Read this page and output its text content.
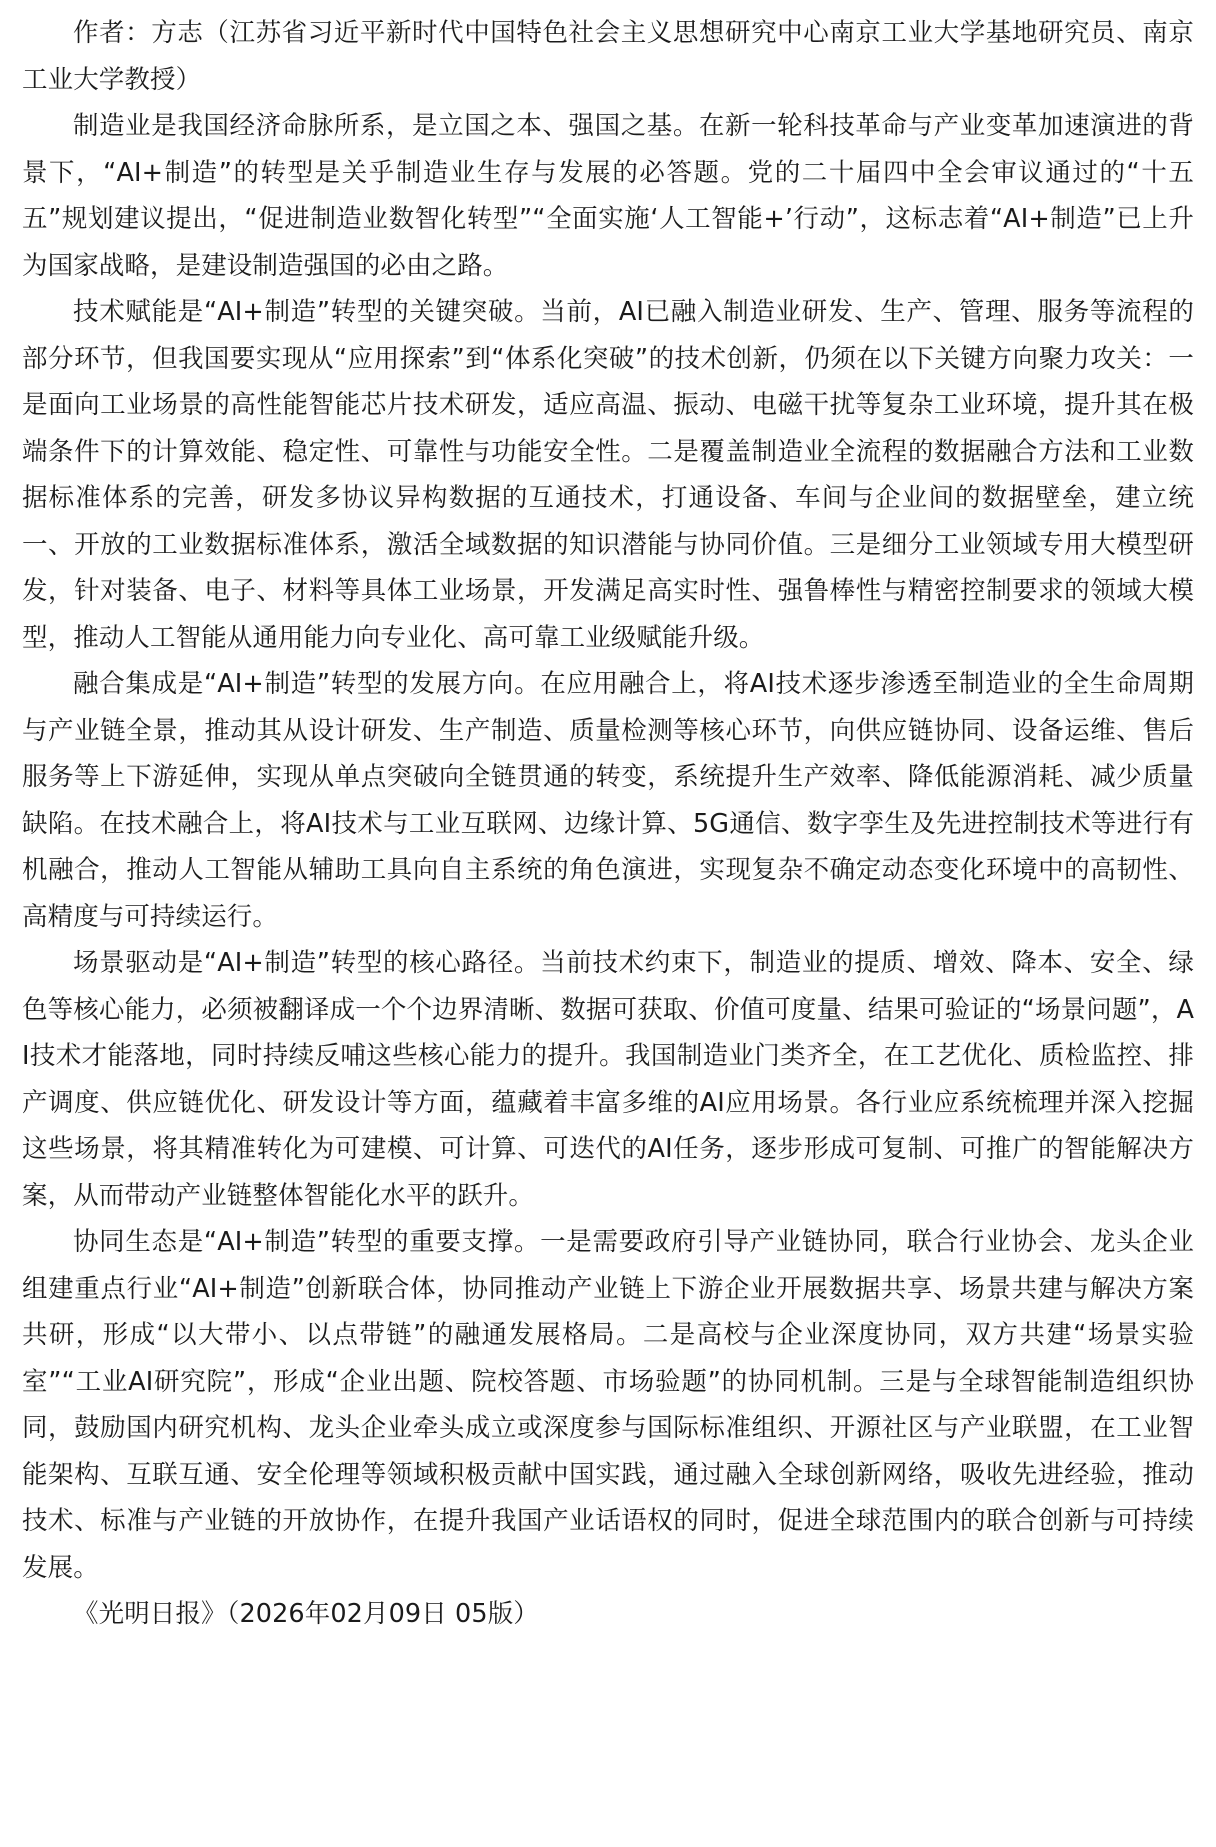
作者：方志（江苏省习近平新时代中国特色社会主义思想研究中心南京工业大学基地研究员、南京工业大学教授）

制造业是我国经济命脉所系，是立国之本、强国之基。在新一轮科技革命与产业变革加速演进的背景下，“AI+制造”的转型是关乎制造业生存与发展的必答题。党的二十届四中全会审议通过的“十五五”规划建议提出，“促进制造业数智化转型”“全面实施‘人工智能+’行动”，这标志着“AI+制造”已上升为国家战略，是建设制造强国的必由之路。

技术赋能是“AI+制造”转型的关键突破。当前，AI已融入制造业研发、生产、管理、服务等流程的部分环节，但我国要实现从“应用探索”到“体系化突破”的技术创新，仍须在以下关键方向聚力攻关：一是面向工业场景的高性能智能芯片技术研发，适应高温、振动、电磁干扰等复杂工业环境，提升其在极端条件下的计算效能、稳定性、可靠性与功能安全性。二是覆盖制造业全流程的数据融合方法和工业数据标准体系的完善，研发多协议异构数据的互通技术，打通设备、车间与企业间的数据壁垒，建立统一、开放的工业数据标准体系，激活全域数据的知识潜能与协同价值。三是细分工业领域专用大模型研发，针对装备、电子、材料等具体工业场景，开发满足高实时性、强鲁棒性与精密控制要求的领域大模型，推动人工智能从通用能力向专业化、高可靠工业级赋能升级。

融合集成是“AI+制造”转型的发展方向。在应用融合上，将AI技术逐步渗透至制造业的全生命周期与产业链全景，推动其从设计研发、生产制造、质量检测等核心环节，向供应链协同、设备运维、售后服务等上下游延伸，实现从单点突破向全链贯通的转变，系统提升生产效率、降低能源消耗、减少质量缺陷。在技术融合上，将AI技术与工业互联网、边缘计算、5G通信、数字孪生及先进控制技术等进行有机融合，推动人工智能从辅助工具向自主系统的角色演进，实现复杂不确定动态变化环境中的高韧性、高精度与可持续运行。

场景驱动是“AI+制造”转型的核心路径。当前技术约束下，制造业的提质、增效、降本、安全、绿色等核心能力，必须被翻译成一个个边界清晰、数据可获取、价值可度量、结果可验证的“场景问题”，AI技术才能落地，同时持续反哺这些核心能力的提升。我国制造业门类齐全，在工艺优化、质检监控、排产调度、供应链优化、研发设计等方面，蕴藏着丰富多维的AI应用场景。各行业应系统梳理并深入挖掘这些场景，将其精准转化为可建模、可计算、可迭代的AI任务，逐步形成可复制、可推广的智能解决方案，从而带动产业链整体智能化水平的跃升。

协同生态是“AI+制造”转型的重要支撑。一是需要政府引导产业链协同，联合行业协会、龙头企业组建重点行业“AI+制造”创新联合体，协同推动产业链上下游企业开展数据共享、场景共建与解决方案共研，形成“以大带小、以点带链”的融通发展格局。二是高校与企业深度协同，双方共建“场景实验室”“工业AI研究院”，形成“企业出题、院校答题、市场验题”的协同机制。三是与全球智能制造组织协同，鼓励国内研究机构、龙头企业牵头成立或深度参与国际标准组织、开源社区与产业联盟，在工业智能架构、互联互通、安全伦理等领域积极贡献中国实践，通过融入全球创新网络，吸收先进经验，推动技术、标准与产业链的开放协作，在提升我国产业话语权的同时，促进全球范围内的联合创新与可持续发展。

《光明日报》（2026年02月09日 05版）
